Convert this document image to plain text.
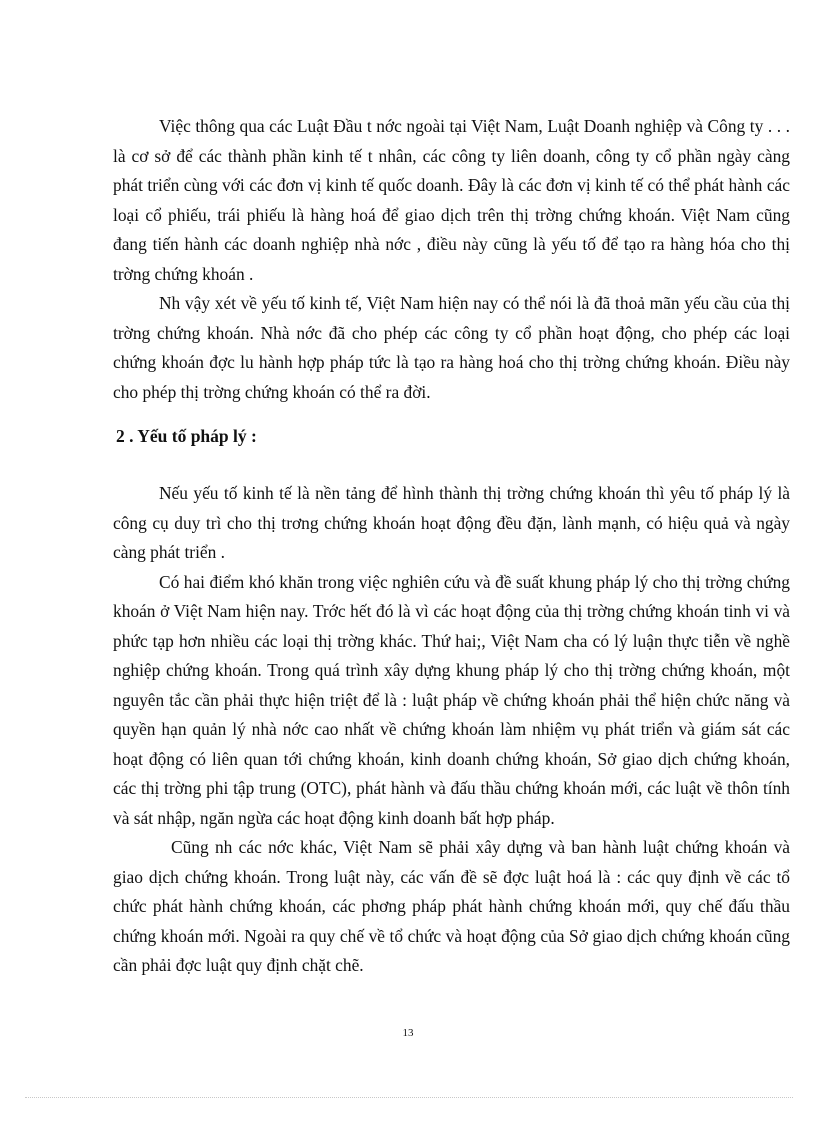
Việc thông qua các Luật Đầu t nớc ngoài tại Việt Nam, Luật Doanh nghiệp và Công ty . . . là cơ sở để các thành phần kinh tế t nhân, các công ty liên doanh, công ty cổ phần ngày càng phát triển cùng với các đơn vị kinh tế quốc doanh. Đây là các đơn vị kinh tế có thể phát hành các loại cổ phiếu, trái phiếu là hàng hoá để giao dịch trên thị trờng chứng khoán. Việt Nam cũng đang tiến hành các doanh nghiệp nhà nớc , điều này cũng là yếu tố để tạo ra hàng hóa cho thị trờng chứng khoán .

Nh vậy xét về yếu tố kinh tế, Việt Nam hiện nay có thể nói là đã thoả mãn yếu cầu của thị trờng chứng khoán. Nhà nớc đã cho phép các công ty cổ phần hoạt động, cho phép các loại chứng khoán đợc lu hành hợp pháp tức là tạo ra hàng hoá cho thị trờng chứng khoán. Điều này cho phép thị trờng chứng khoán có thể ra đời.

2 . Yếu tố pháp lý :

Nếu yếu tố kinh tế là nền tảng để hình thành thị trờng chứng khoán thì yêu tố pháp lý là công cụ duy trì cho thị trơng chứng khoán hoạt động đều đặn, lành mạnh, có hiệu quả và ngày càng phát triển .

Có hai điểm khó khăn trong việc nghiên cứu và đề suất khung pháp lý cho thị trờng chứng khoán ở Việt Nam hiện nay. Trớc hết đó là vì các hoạt động của thị trờng chứng khoán tinh vi và phức tạp hơn nhiều các loại thị trờng khác. Thứ hai;, Việt Nam cha có lý luận thực tiễn về nghề nghiệp chứng khoán. Trong quá trình xây dựng khung pháp lý cho thị trờng chứng khoán, một nguyên tắc cần phải thực hiện triệt để là : luật pháp về chứng khoán phải thể hiện chức năng và quyền hạn quản lý nhà nớc cao nhất về chứng khoán làm nhiệm vụ phát triển và giám sát các hoạt động có liên quan tới chứng khoán, kinh doanh chứng khoán, Sở giao dịch chứng khoán, các thị trờng phi tập trung (OTC), phát hành và đấu thầu chứng khoán mới, các luật về thôn tính và sát nhập, ngăn ngừa các hoạt động kinh doanh bất hợp pháp.

Cũng nh các nớc khác, Việt Nam sẽ phải xây dựng và ban hành luật chứng khoán và giao dịch chứng khoán. Trong luật này, các vấn đề sẽ đợc luật hoá là : các quy định về các tổ chức phát hành chứng khoán, các phơng pháp phát hành chứng khoán mới, quy chế đấu thầu chứng khoán mới. Ngoài ra quy chế về tổ chức và hoạt động của Sở giao dịch chứng khoán cũng cần phải đợc luật quy định chặt chẽ.

13
